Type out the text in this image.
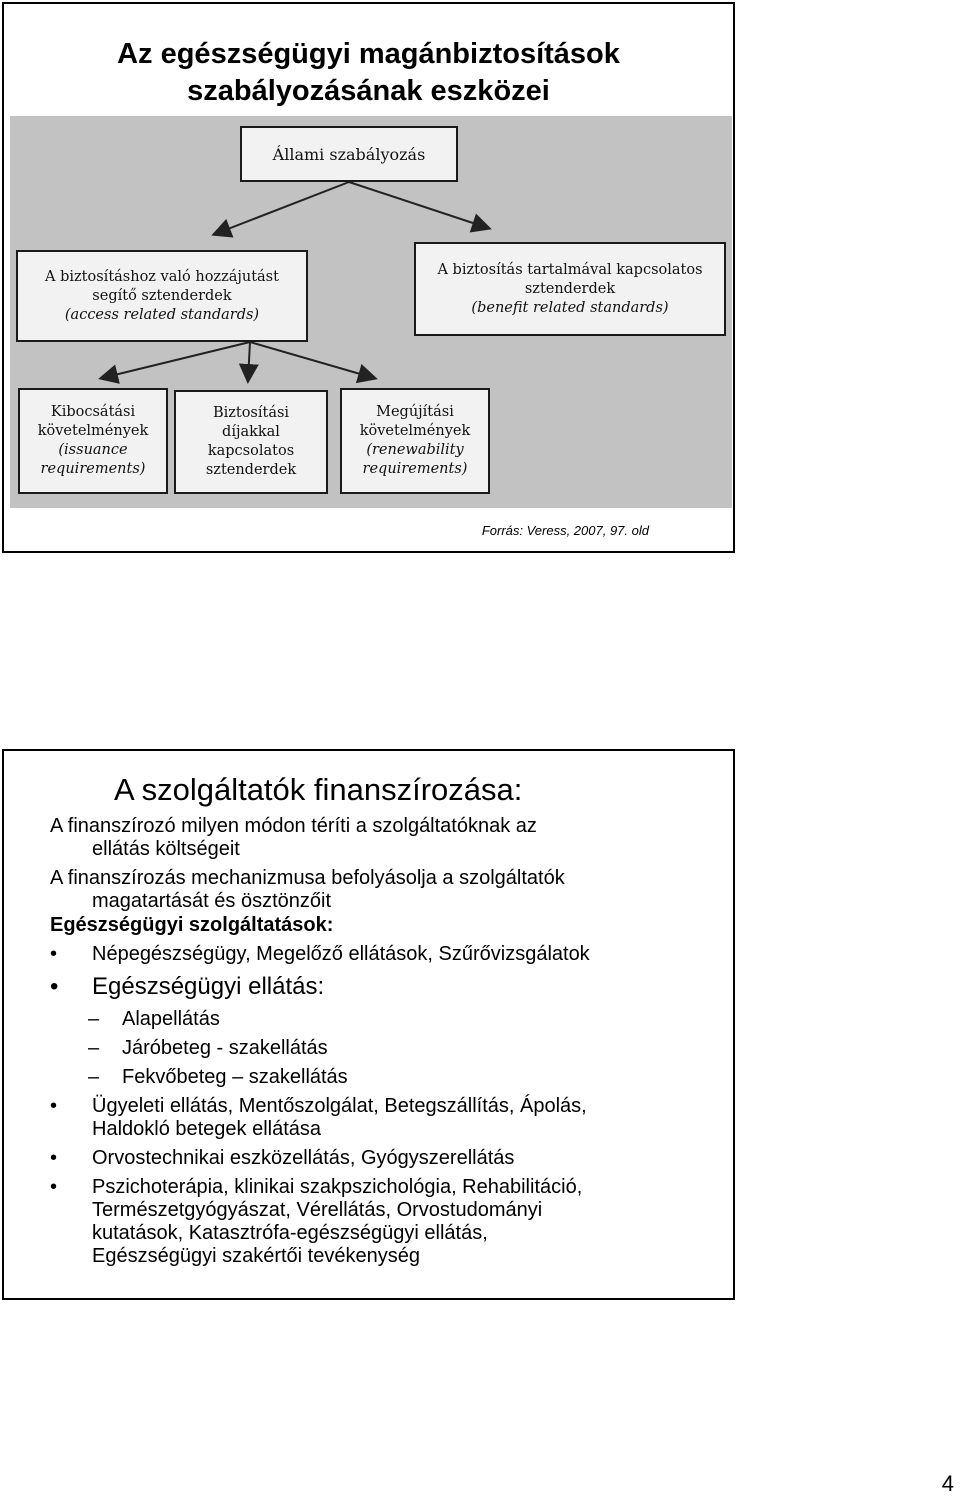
Az egészségügyi magánbiztosítások
szabályozásának eszközei
Állami szabályozás
A biztosításhoz való hozzájutást
segítő sztenderdek
(access related standards)
A biztosítás tartalmával kapcsolatos
sztenderdek
(benefit related standards)
Kibocsátási
követelmények
(issuance
requirements)
Biztosítási
díjakkal
kapcsolatos
sztenderdek
Megújítási
követelmények
(renewability
requirements)
Forrás: Veress, 2007, 97. old
A szolgáltatók finanszírozása:

A finanszírozó milyen módon téríti a szolgáltatóknak az

ellátás költségeit

A finanszírozás mechanizmusa befolyásolja a szolgáltatók

magatartását és ösztönzőit

Egészségügyi szolgáltatások:

• Népegészségügy, Megelőző ellátások, Szűrővizsgálatok
• Egészségügyi ellátás:
– Alapellátás
– Járóbeteg - szakellátás
– Fekvőbeteg – szakellátás
• Ügyeleti ellátás, Mentőszolgálat, Betegszállítás, Ápolás,
Haldokló betegek ellátása
• Orvostechnikai eszközellátás, Gyógyszerellátás
• Pszichoterápia, klinikai szakpszichológia, Rehabilitáció,
Természetgyógyászat, Vérellátás, Orvostudományi
kutatások, Katasztrófa-egészségügyi ellátás,
Egészségügyi szakértői tevékenység
4
